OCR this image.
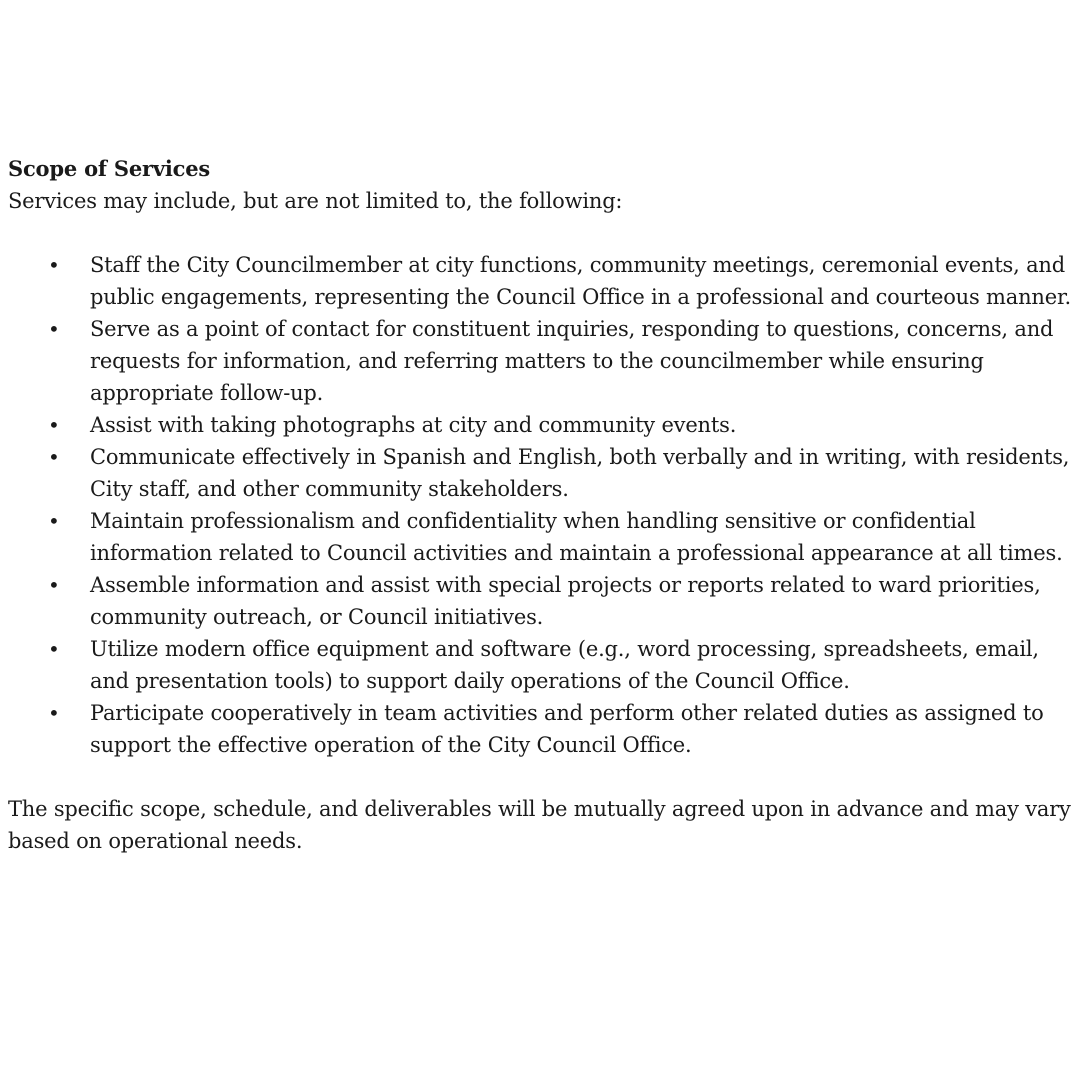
Scope of Services

Services may include, but are not limited to, the following:

• Staff the City Councilmember at city functions, community meetings, ceremonial events, and public engagements, representing the Council Office in a professional and courteous manner.
• Serve as a point of contact for constituent inquiries, responding to questions, concerns, and requests for information, and referring matters to the councilmember while ensuring appropriate follow-up.
• Assist with taking photographs at city and community events.
• Communicate effectively in Spanish and English, both verbally and in writing, with residents, City staff, and other community stakeholders.
• Maintain professionalism and confidentiality when handling sensitive or confidential information related to Council activities and maintain a professional appearance at all times.
• Assemble information and assist with special projects or reports related to ward priorities, community outreach, or Council initiatives.
• Utilize modern office equipment and software (e.g., word processing, spreadsheets, email, and presentation tools) to support daily operations of the Council Office.
• Participate cooperatively in team activities and perform other related duties as assigned to support the effective operation of the City Council Office.

The specific scope, schedule, and deliverables will be mutually agreed upon in advance and may vary based on operational needs.
